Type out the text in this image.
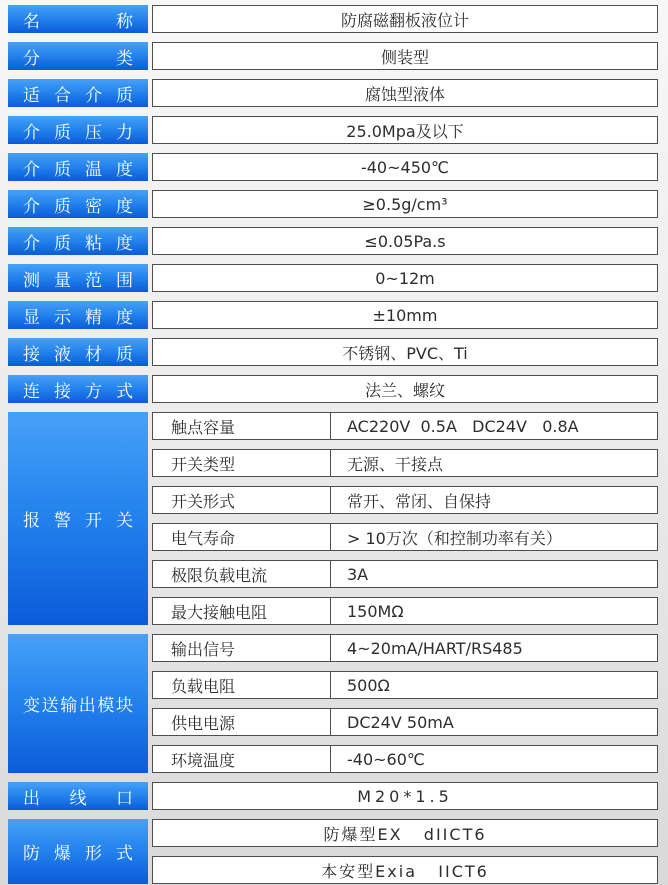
名称	防腐磁翻板液位计
分类	侧装型
适合介质	腐蚀型液体
介质压力	25.0Mpa及以下
介质温度	-40~450℃
介质密度	≥0.5g/cm³
介质粘度	≤0.05Pa.s
测量范围	0~12m
显示精度	±10mm
接液材质	不锈钢、PVC、Ti
连接方式	法兰、螺纹
报警开关
触点容量	AC220V  0.5A   DC24V   0.8A
开关类型	无源、干接点
开关形式	常开、常闭、自保持
电气寿命	> 10万次（和控制功率有关）
极限负载电流	3A
最大接触电阻	150MΩ
变送输出模块
输出信号	4~20mA/HART/RS485
负载电阻	500Ω
供电电源	DC24V 50mA
环境温度	-40~60℃
出线口	M20*1.5
防爆形式
防爆型EX   dIICT6
本安型Exia   IICT6
